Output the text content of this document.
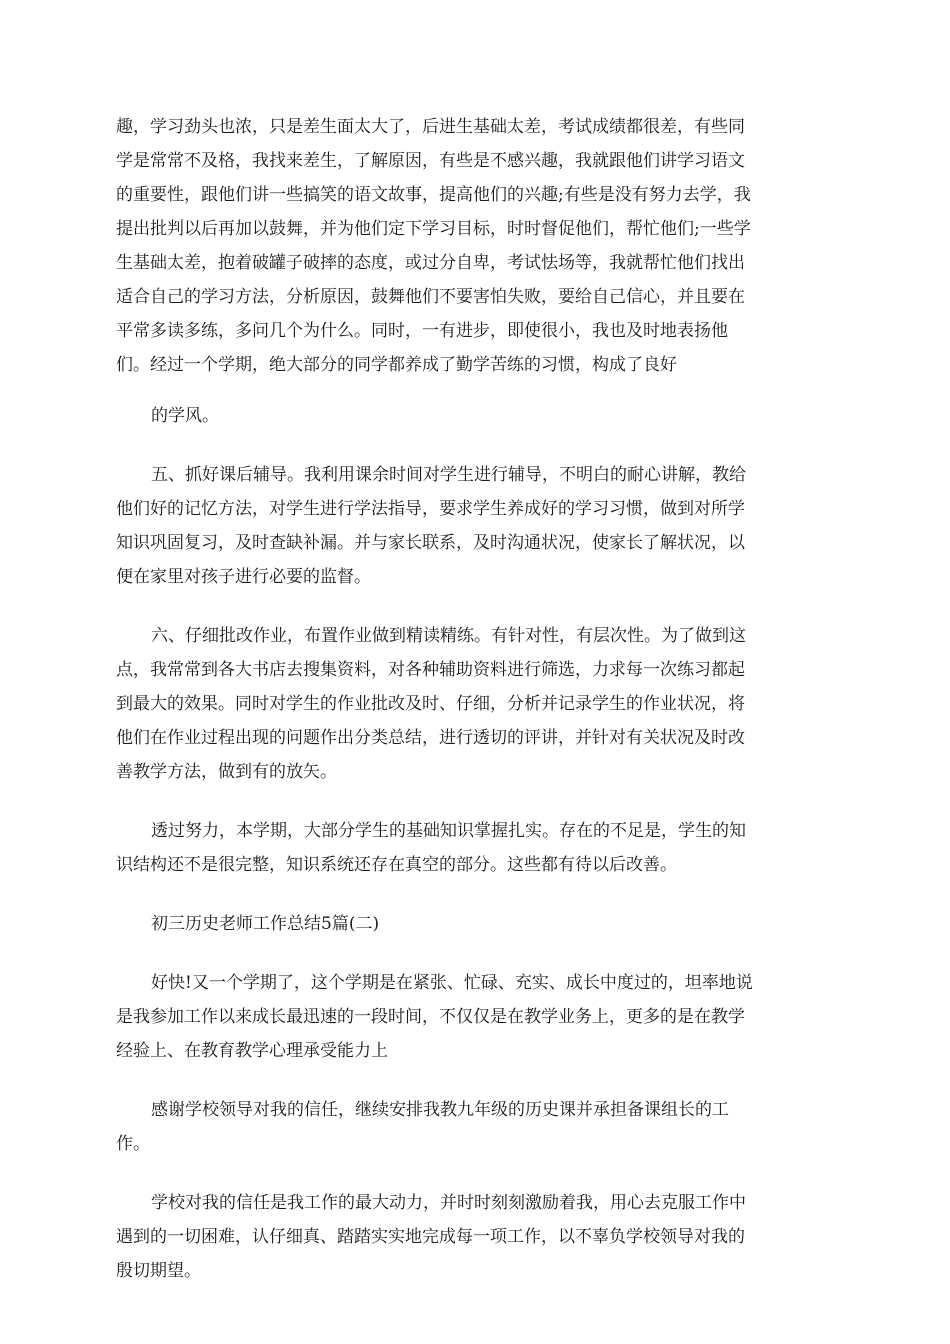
趣，学习劲头也浓，只是差生面太大了，后进生基础太差，考试成绩都很差，有些同
学是常常不及格，我找来差生，了解原因，有些是不感兴趣，我就跟他们讲学习语文
的重要性，跟他们讲一些搞笑的语文故事，提高他们的兴趣;有些是没有努力去学，我
提出批判以后再加以鼓舞，并为他们定下学习目标，时时督促他们，帮忙他们;一些学
生基础太差，抱着破罐子破摔的态度，或过分自卑，考试怯场等，我就帮忙他们找出
适合自己的学习方法，分析原因，鼓舞他们不要害怕失败，要给自己信心，并且要在
平常多读多练，多问几个为什么。同时，一有进步，即使很小，我也及时地表扬他
们。经过一个学期，绝大部分的同学都养成了勤学苦练的习惯，构成了良好

的学风。

五、抓好课后辅导。我利用课余时间对学生进行辅导，不明白的耐心讲解，教给
他们好的记忆方法，对学生进行学法指导，要求学生养成好的学习习惯，做到对所学
知识巩固复习，及时查缺补漏。并与家长联系，及时沟通状况，使家长了解状况，以
便在家里对孩子进行必要的监督。

六、仔细批改作业，布置作业做到精读精练。有针对性，有层次性。为了做到这
点，我常常到各大书店去搜集资料，对各种辅助资料进行筛选，力求每一次练习都起
到最大的效果。同时对学生的作业批改及时、仔细，分析并记录学生的作业状况，将
他们在作业过程出现的问题作出分类总结，进行透切的评讲，并针对有关状况及时改
善教学方法，做到有的放矢。

透过努力，本学期，大部分学生的基础知识掌握扎实。存在的不足是，学生的知
识结构还不是很完整，知识系统还存在真空的部分。这些都有待以后改善。

初三历史老师工作总结5篇(二)

好快!又一个学期了，这个学期是在紧张、忙碌、充实、成长中度过的，坦率地说
是我参加工作以来成长最迅速的一段时间，不仅仅是在教学业务上，更多的是在教学
经验上、在教育教学心理承受能力上

感谢学校领导对我的信任，继续安排我教九年级的历史课并承担备课组长的工
作。

学校对我的信任是我工作的最大动力，并时时刻刻激励着我，用心去克服工作中
遇到的一切困难，认仔细真、踏踏实实地完成每一项工作，以不辜负学校领导对我的
殷切期望。
